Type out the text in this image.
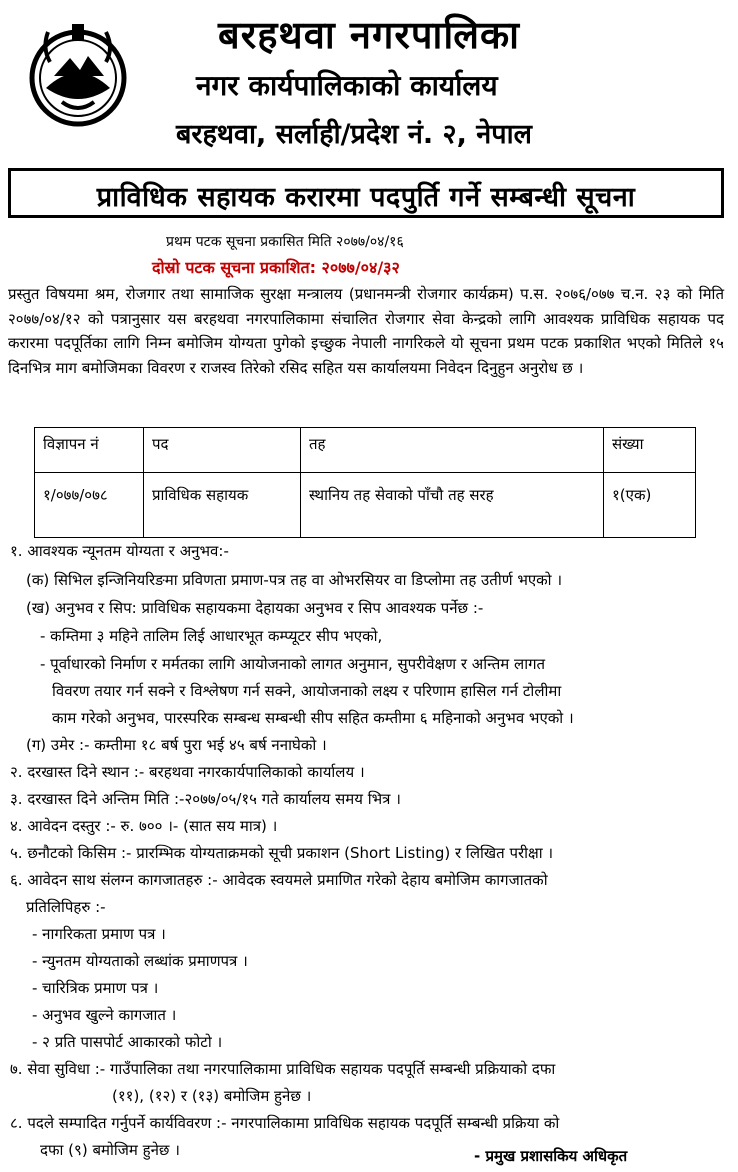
बरहथवा नगरपालिका
नगर कार्यपालिकाको कार्यालय
बरहथवा, सर्लाही/प्रदेश नं. २, नेपाल
प्राविधिक सहायक करारमा पदपुर्ति गर्ने सम्बन्धी सूचना
प्रथम पटक सूचना प्रकासित मिति २०७७/०४/१६
दोस्रो पटक सूचना प्रकाशित: २०७७/०४/३२
प्रस्तुत विषयमा श्रम, रोजगार तथा सामाजिक सुरक्षा मन्त्रालय (प्रधानमन्त्री रोजगार कार्यक्रम) प.स. २०७६/०७७ च.न. २३ को मिति २०७७/०४/१२ को पत्रानुसार यस बरहथवा नगरपालिकामा संचालित रोजगार सेवा केन्द्रको लागि आवश्यक प्राविधिक सहायक पद करारमा पदपूर्तिका लागि निम्न बमोजिम योग्यता पुगेको इच्छुक नेपाली नागरिकले यो सूचना प्रथम पटक प्रकाशित भएको मितिले १५ दिनभित्र माग बमोजिमका विवरण र राजस्व तिरेको रसिद सहित यस कार्यालयमा निवेदन दिनुहुन अनुरोध छ ।
विज्ञापन नं	पद	तह	संख्या
१/०७७/०७८	प्राविधिक सहायक	स्थानिय तह सेवाको पाँचौ तह सरह	१(एक)
१. आवश्यक न्यूनतम योग्यता र अनुभव:-
(क) सिभिल इन्जिनियरिङमा प्रविणता प्रमाण-पत्र तह वा ओभरसियर वा डिप्लोमा तह उतीर्ण भएको ।
(ख) अनुभव र सिप: प्राविधिक सहायकमा देहायका अनुभव र सिप आवश्यक पर्नेछ :-
- कम्तिमा ३ महिने तालिम लिई आधारभूत कम्प्यूटर सीप भएको,
- पूर्वाधारको निर्माण र मर्मतका लागि आयोजनाको लागत अनुमान, सुपरीवेक्षण र अन्तिम लागत
विवरण तयार गर्न सक्ने र विश्लेषण गर्न सक्ने, आयोजनाको लक्ष्य र परिणाम हासिल गर्न टोलीमा
काम गरेको अनुभव, पारस्परिक सम्बन्ध सम्बन्धी सीप सहित कम्तीमा ६ महिनाको अनुभव भएको ।
(ग) उमेर :- कम्तीमा १८ बर्ष पुरा भई ४५ बर्ष ननाघेको ।
२. दरखास्त दिने स्थान :- बरहथवा नगरकार्यपालिकाको कार्यालय ।
३. दरखास्त दिने अन्तिम मिति :-२०७७/०५/१५ गते कार्यालय समय भित्र ।
४. आवेदन दस्तुर :- रु. ७०० ।- (सात सय मात्र) ।
५. छनौटको किसिम :- प्रारम्भिक योग्यताक्रमको सूची प्रकाशन (Short Listing) र लिखित परीक्षा ।
६. आवेदन साथ संलग्न कागजातहरु :- आवेदक स्वयमले प्रमाणित गरेको देहाय बमोजिम कागजातको
प्रतिलिपिहरु :-
- नागरिकता प्रमाण पत्र ।
- न्युनतम योग्यताको लब्धांक प्रमाणपत्र ।
- चारित्रिक प्रमाण पत्र ।
- अनुभव खुल्ने कागजात ।
- २ प्रति पासपोर्ट आकारको फोटो ।
७. सेवा सुविधा :- गाउँपालिका तथा नगरपालिकामा प्राविधिक सहायक पदपूर्ति सम्बन्धी प्रक्रियाको दफा
(११), (१२) र (१३) बमोजिम हुनेछ ।
८. पदले सम्पादित गर्नुपर्ने कार्यविवरण :- नगरपालिकामा प्राविधिक सहायक पदपूर्ति सम्बन्धी प्रक्रिया को
दफा (९) बमोजिम हुनेछ ।	- प्रमुख प्रशासकिय अधिकृत
